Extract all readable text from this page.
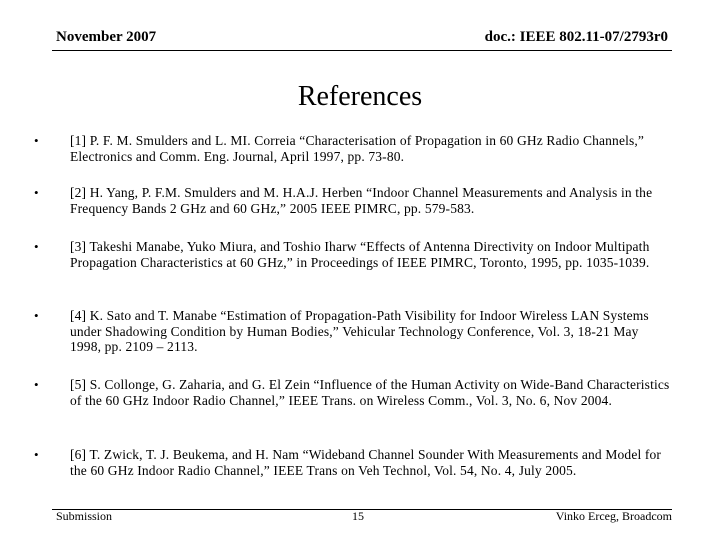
November 2007	doc.: IEEE 802.11-07/2793r0
References
• [1] P. F. M. Smulders and L. MI. Correia “Characterisation of Propagation in 60 GHz Radio Channels,” Electronics and Comm. Eng. Journal, April 1997, pp. 73-80.
• [2] H. Yang, P. F.M. Smulders and M. H.A.J. Herben “Indoor Channel Measurements and Analysis in the Frequency Bands 2 GHz and 60 GHz,” 2005 IEEE PIMRC, pp. 579-583.
• [3] Takeshi Manabe, Yuko Miura, and Toshio Iharw “Effects of Antenna Directivity on Indoor Multipath Propagation Characteristics at 60 GHz,” in Proceedings of IEEE PIMRC, Toronto, 1995, pp. 1035-1039.
• [4] K. Sato and T. Manabe “Estimation of Propagation-Path Visibility for Indoor Wireless LAN Systems under Shadowing Condition by Human Bodies,” Vehicular Technology Conference, Vol. 3, 18-21 May 1998, pp. 2109 – 2113.
• [5] S. Collonge, G. Zaharia, and G. El Zein “Influence of the Human Activity on Wide-Band Characteristics of the 60 GHz Indoor Radio Channel,” IEEE Trans. on Wireless Comm., Vol. 3, No. 6, Nov 2004.
• [6] T. Zwick, T. J. Beukema, and H. Nam “Wideband Channel Sounder With Measurements and Model for the 60 GHz Indoor Radio Channel,” IEEE Trans on Veh Technol, Vol. 54, No. 4, July 2005.
Submission	15	Vinko Erceg, Broadcom
